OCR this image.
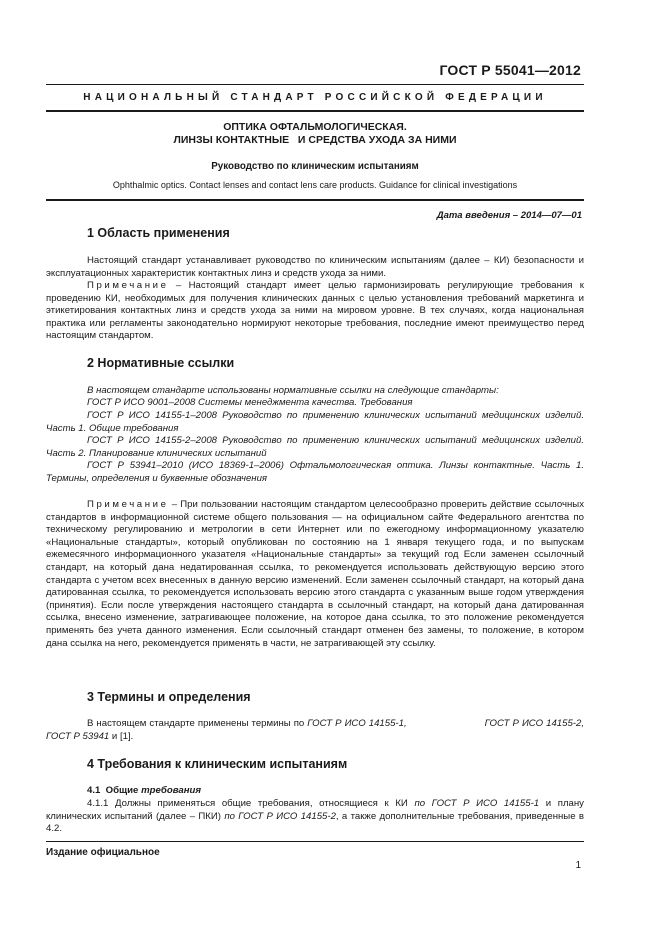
ГОСТ Р 55041—2012
НАЦИОНАЛЬНЫЙ СТАНДАРТ РОССИЙСКОЙ ФЕДЕРАЦИИ
ОПТИКА ОФТАЛЬМОЛОГИЧЕСКАЯ.
ЛИНЗЫ КОНТАКТНЫЕ   И СРЕДСТВА УХОДА ЗА НИМИ
Руководство по клиническим испытаниям
Ophthalmic optics. Contact lenses and contact lens care products. Guidance for clinical investigations
Дата введения – 2014—07—01
1 Область применения
Настоящий стандарт устанавливает руководство по клиническим испытаниям (далее – КИ) безопасности и эксплуатационных характеристик контактных линз и средств ухода за ними.
Примечание – Настоящий стандарт имеет целью гармонизировать регулирующие требования к проведению КИ, необходимых для получения клинических данных с целью установления требований маркетинга и этикетирования контактных линз и средств ухода за ними на мировом уровне. В тех случаях, когда национальная практика или регламенты законодательно нормируют некоторые требования, последние имеют преимущество перед настоящим стандартом.
2 Нормативные ссылки
В настоящем стандарте использованы нормативные ссылки на следующие стандарты:
ГОСТ Р ИСО 9001–2008 Системы менеджмента качества. Требования
ГОСТ Р ИСО 14155-1–2008 Руководство по применению клинических испытаний медицинских изделий. Часть 1. Общие требования
ГОСТ Р ИСО 14155-2–2008 Руководство по применению клинических испытаний медицинских изделий. Часть 2. Планирование клинических испытаний
ГОСТ Р 53941–2010 (ИСО 18369-1–2006) Офтальмологическая оптика. Линзы контактные. Часть 1. Термины, определения и буквенные обозначения
Примечание – При пользовании настоящим стандартом целесообразно проверить действие ссылочных стандартов в информационной системе общего пользования — на официальном сайте Федерального агентства по техническому регулированию и метрологии в сети Интернет или по ежегодному информационному указателю «Национальные стандарты», который опубликован по состоянию на 1 января текущего года, и по выпускам ежемесячного информационного указателя «Национальные стандарты» за текущий год Если заменен ссылочный стандарт, на который дана недатированная ссылка, то рекомендуется использовать действующую версию этого стандарта с учетом всех внесенных в данную версию изменений. Если заменен ссылочный стандарт, на который дана датированная ссылка, то рекомендуется использовать версию этого стандарта с указанным выше годом утверждения (принятия). Если после утверждения настоящего стандарта в ссылочный стандарт, на который дана датированная ссылка, внесено изменение, затрагивающее положение, на которое дана ссылка, то это положение рекомендуется применять без учета данного изменения. Если ссылочный стандарт отменен без замены, то положение, в котором дана ссылка на него, рекомендуется применять в части, не затрагивающей эту ссылку.
3 Термины и определения
В настоящем стандарте применены термины по ГОСТ Р ИСО 14155-1,	ГОСТ Р ИСО 14155-2, ГОСТ Р 53941 и [1].
4 Требования к клиническим испытаниям
4.1  Общие требования
4.1.1 Должны применяться общие требования, относящиеся к КИ по ГОСТ Р ИСО 14155-1 и плану клинических испытаний (далее – ПКИ) по ГОСТ Р ИСО 14155-2, а также дополнительные требования, приведенные в 4.2.
Издание официальное
1
